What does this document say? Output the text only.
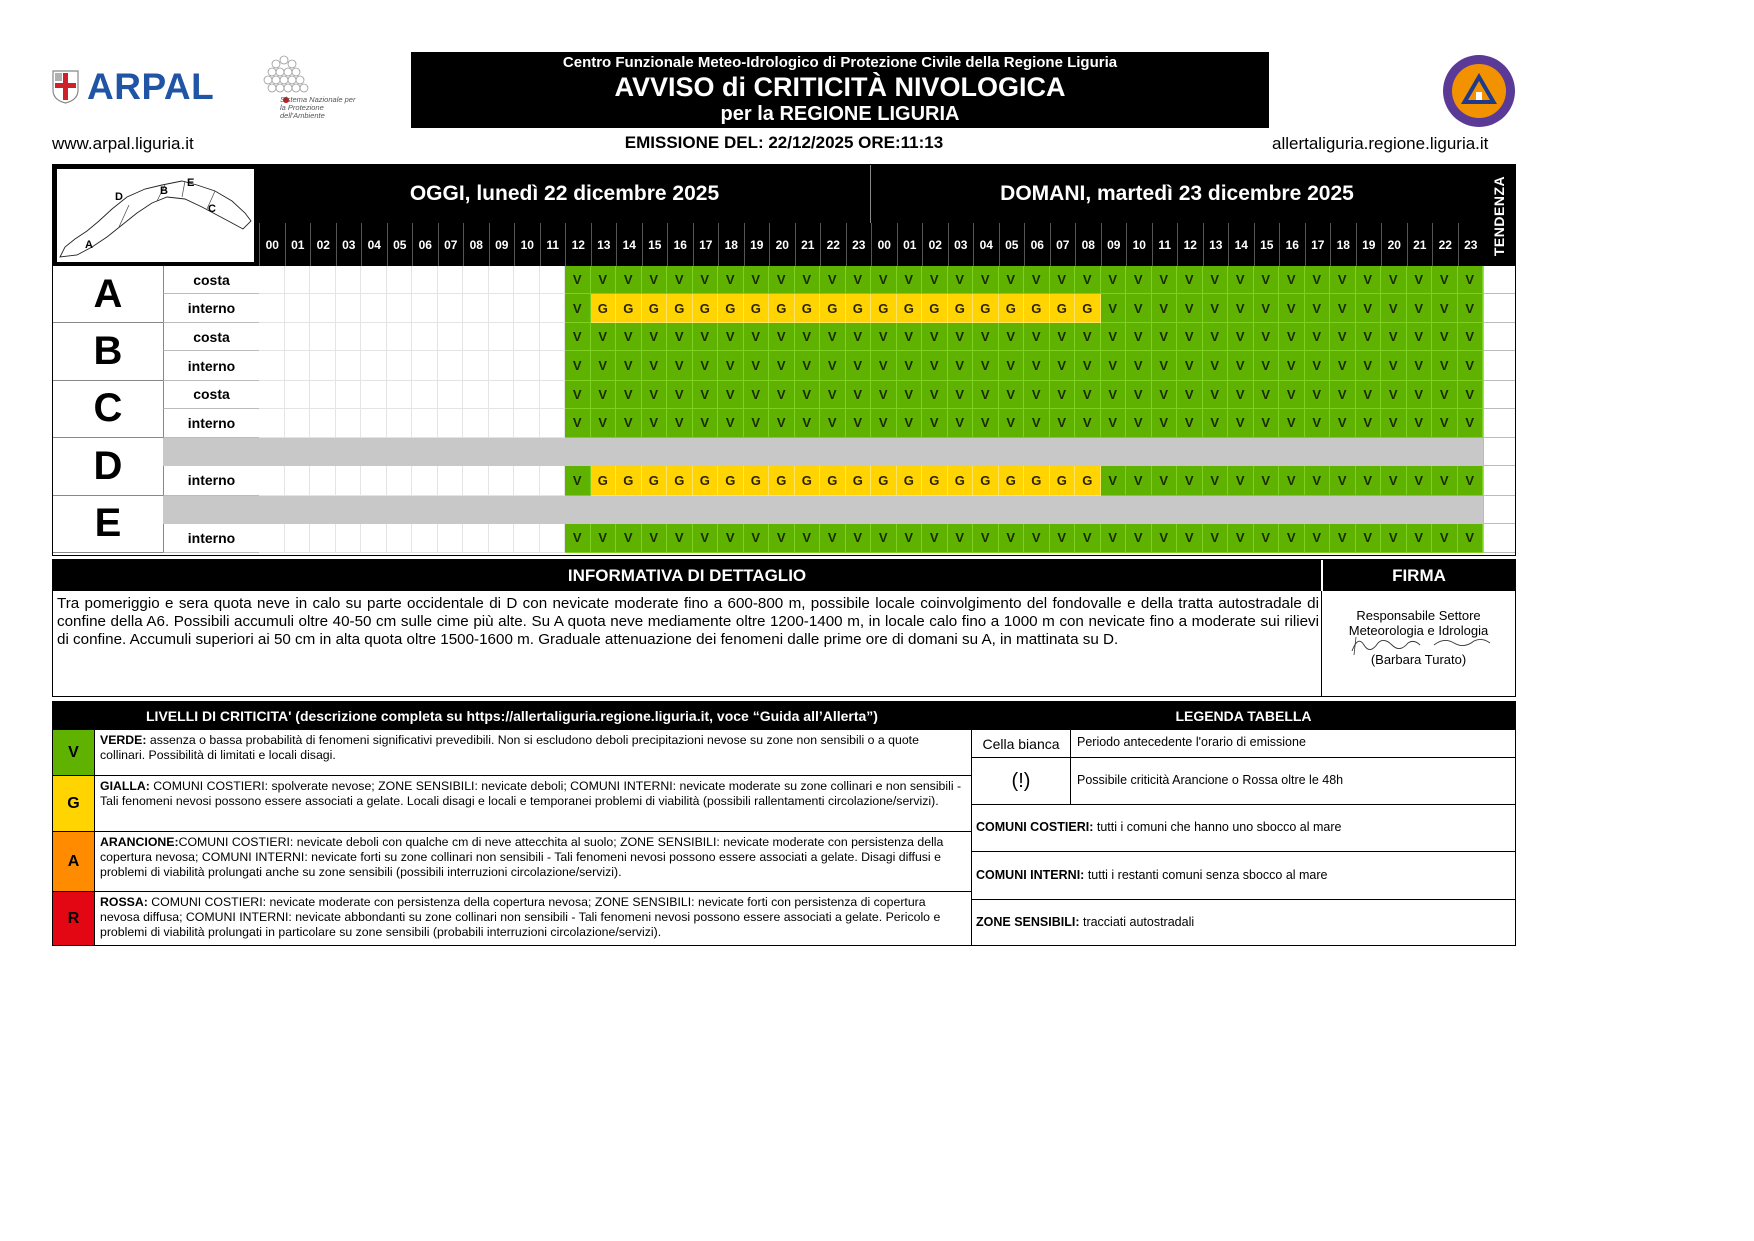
ARPAL	Sistema Nazionale per la Protezione dell'Ambiente
Centro Funzionale Meteo-Idrologico di Protezione Civile della Regione Liguria
AVVISO di CRITICITÀ NIVOLOGICA
per la REGIONE LIGURIA
www.arpal.liguria.it	EMISSIONE DEL: 22/12/2025 ORE:11:13	allertaliguria.regione.liguria.it
A
B
C
D
E	OGGI, lunedì 22 dicembre 2025	DOMANI, martedì 23 dicembre 2025	TENDENZA
00	01	02	03	04	05	06	07	08	09	10	11	12	13	14	15	16	17	18	19	20	21	22	23	00	01	02	03	04	05	06	07	08	09	10	11	12	13	14	15	16	17	18	19	20	21	22	23
A	costa	V	V	V	V	V	V	V	V	V	V	V	V	V	V	V	V	V	V	V	V	V	V	V	V	V	V	V	V	V	V	V	V	V	V	V	V
interno	V	G	G	G	G	G	G	G	G	G	G	G	G	G	G	G	G	G	G	G	G	V	V	V	V	V	V	V	V	V	V	V	V	V	V	V
B	costa	V	V	V	V	V	V	V	V	V	V	V	V	V	V	V	V	V	V	V	V	V	V	V	V	V	V	V	V	V	V	V	V	V	V	V	V
interno	V	V	V	V	V	V	V	V	V	V	V	V	V	V	V	V	V	V	V	V	V	V	V	V	V	V	V	V	V	V	V	V	V	V	V	V
C	costa	V	V	V	V	V	V	V	V	V	V	V	V	V	V	V	V	V	V	V	V	V	V	V	V	V	V	V	V	V	V	V	V	V	V	V	V
interno	V	V	V	V	V	V	V	V	V	V	V	V	V	V	V	V	V	V	V	V	V	V	V	V	V	V	V	V	V	V	V	V	V	V	V	V
D	interno	V	G	G	G	G	G	G	G	G	G	G	G	G	G	G	G	G	G	G	G	G	V	V	V	V	V	V	V	V	V	V	V	V	V	V	V
E	interno	V	V	V	V	V	V	V	V	V	V	V	V	V	V	V	V	V	V	V	V	V	V	V	V	V	V	V	V	V	V	V	V	V	V	V	V
INFORMATIVA DI DETTAGLIO	FIRMA
Tra pomeriggio e sera quota neve in calo su parte occidentale di D con nevicate moderate fino a 600-800 m, possibile locale coinvolgimento del fondovalle e della tratta autostradale di confine della A6. Possibili accumuli oltre 40-50 cm sulle cime più alte. Su A quota neve mediamente oltre 1200-1400 m, in locale calo fino a 1000 m con nevicate fino a moderate sui rilievi di confine. Accumuli superiori ai 50 cm in alta quota oltre 1500-1600 m. Graduale attenuazione dei fenomeni dalle prime ore di domani su A, in mattinata su D.
Responsabile Settore
Meteorologia e Idrologia
(Barbara Turato)
LIVELLI DI CRITICITA' (descrizione completa su https://allertaliguria.regione.liguria.it, voce “Guida all’Allerta”)
V
VERDE: assenza o bassa probabilità di fenomeni significativi prevedibili. Non si escludono deboli precipitazioni nevose su zone non sensibili o a quote collinari. Possibilità di limitati e locali disagi.
G
GIALLA: COMUNI COSTIERI: spolverate nevose; ZONE SENSIBILI: nevicate deboli; COMUNI INTERNI: nevicate moderate su zone collinari e non sensibili - Tali fenomeni nevosi possono essere associati a gelate. Locali disagi e locali e temporanei problemi di viabilità (possibili rallentamenti circolazione/servizi).
A
ARANCIONE:COMUNI COSTIERI: nevicate deboli con qualche cm di neve attecchita al suolo; ZONE SENSIBILI: nevicate moderate con persistenza della copertura nevosa; COMUNI INTERNI: nevicate forti su zone collinari non sensibili - Tali fenomeni nevosi possono essere associati a gelate. Disagi diffusi e problemi di viabilità prolungati anche su zone sensibili (possibili interruzioni circolazione/servizi).
R
ROSSA: COMUNI COSTIERI: nevicate moderate con persistenza della copertura nevosa; ZONE SENSIBILI: nevicate forti con persistenza di copertura nevosa diffusa; COMUNI INTERNI: nevicate abbondanti su zone collinari non sensibili - Tali fenomeni nevosi possono essere associati a gelate. Pericolo e problemi di viabilità prolungati in particolare su zone sensibili (probabili interruzioni circolazione/servizi).
LEGENDA TABELLA
Cella bianca	Periodo antecedente l'orario di emissione
(!)	Possibile criticità Arancione o Rossa oltre le 48h
COMUNI COSTIERI: tutti i comuni che hanno uno sbocco al mare
COMUNI INTERNI: tutti i restanti comuni senza sbocco al mare
ZONE SENSIBILI: tracciati autostradali
